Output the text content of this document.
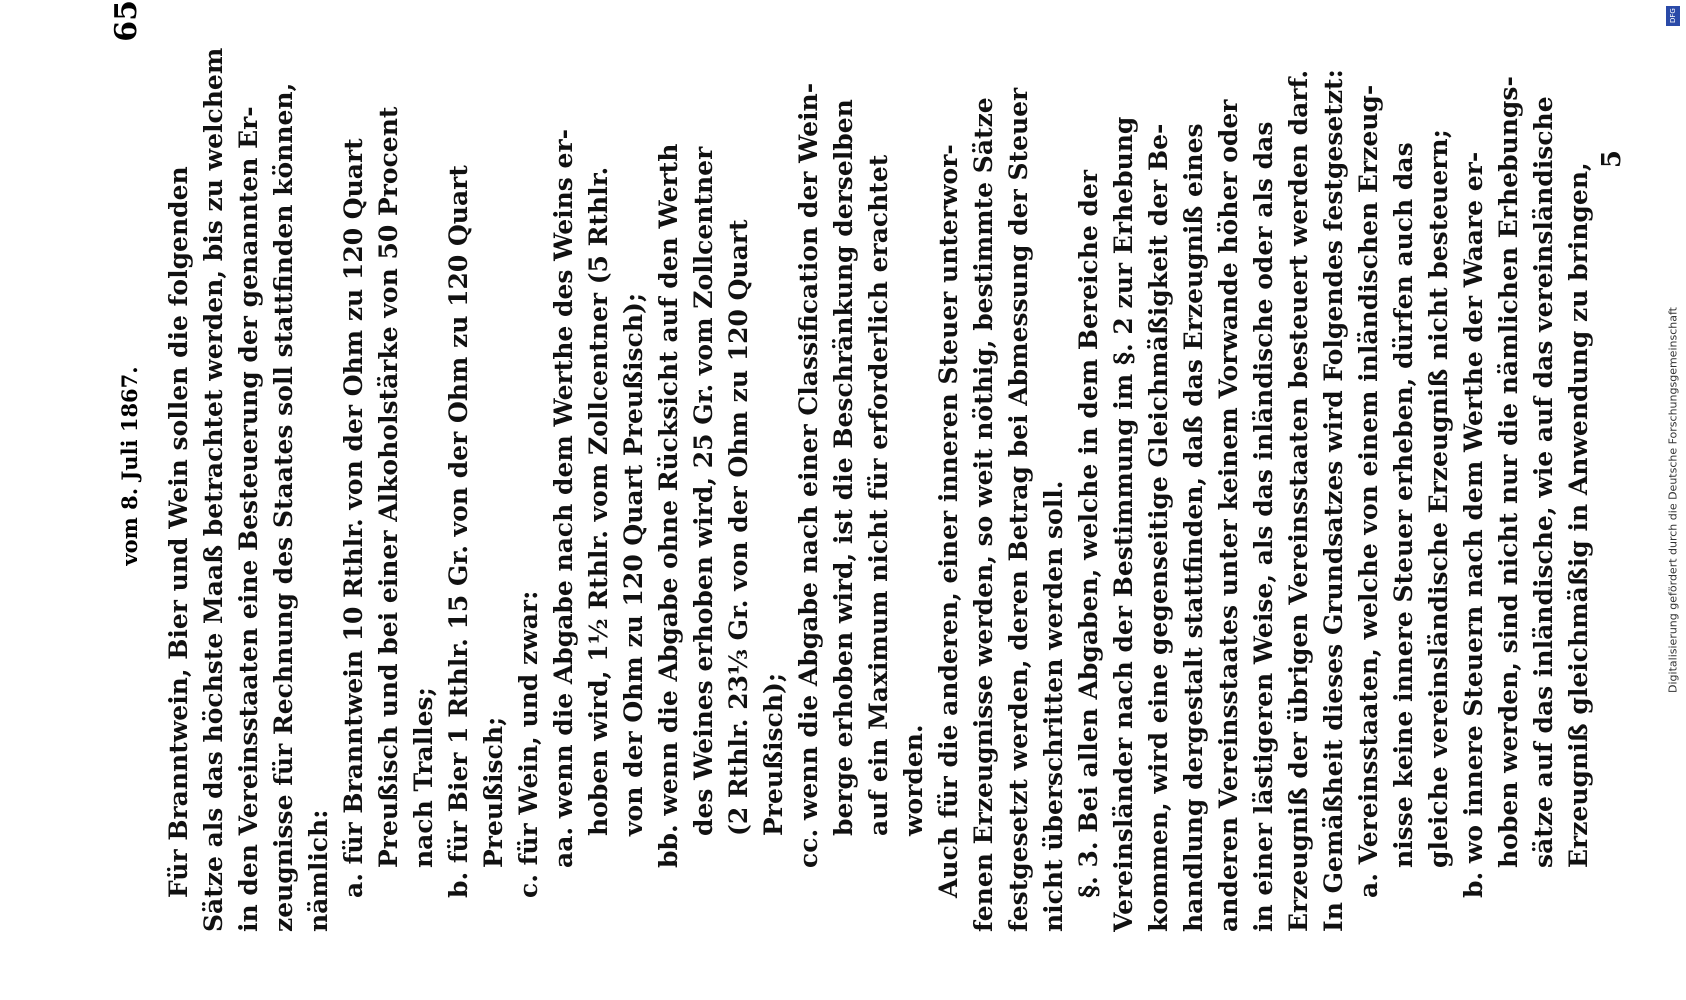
DFG
Digitalisierung gefördert durch die Deutsche Forschungsgemeinschaft
vom 8. Juli 1867.
65
Für Branntwein, Bier und Wein sollen die folgenden Sätze als das höchste Maaß betrachtet werden, bis zu welchem in den Vereinsstaaten eine Besteuerung der genannten Er- zeugnisse für Rechnung des Staates soll stattfinden können, nämlich: a. für Branntwein 10 Rthlr. von der Ohm zu 120 Quart Preußisch und bei einer Alkoholstärke von 50 Procent nach Tralles; b. für Bier 1 Rthlr. 15 Gr. von der Ohm zu 120 Quart Preußisch; c. für Wein, und zwar: aa. wenn die Abgabe nach dem Werthe des Weins er- hoben wird, 1½ Rthlr. vom Zollcentner (5 Rthlr. von der Ohm zu 120 Quart Preußisch); bb. wenn die Abgabe ohne Rücksicht auf den Werth des Weines erhoben wird, 25 Gr. vom Zollcentner (2 Rthlr. 23⅓ Gr. von der Ohm zu 120 Quart Preußisch); cc. wenn die Abgabe nach einer Classification der Wein- berge erhoben wird, ist die Beschränkung derselben auf ein Maximum nicht für erforderlich erachtet worden. Auch für die anderen, einer inneren Steuer unterwor- fenen Erzeugnisse werden, so weit nöthig, bestimmte Sätze festgesetzt werden, deren Betrag bei Abmessung der Steuer nicht überschritten werden soll. §. 3. Bei allen Abgaben, welche in dem Bereiche der Vereinsländer nach der Bestimmung im §. 2 zur Erhebung kommen, wird eine gegenseitige Gleichmäßigkeit der Be- handlung dergestalt stattfinden, daß das Erzeugniß eines anderen Vereinsstaates unter keinem Vorwande höher oder in einer lästigeren Weise, als das inländische oder als das Erzeugniß der übrigen Vereinsstaaten besteuert werden darf. In Gemäßheit dieses Grundsatzes wird Folgendes festgesetzt: a. Vereinsstaaten, welche von einem inländischen Erzeug- nisse keine innere Steuer erheben, dürfen auch das gleiche vereinsländische Erzeugniß nicht besteuern; b. wo innere Steuern nach dem Werthe der Waare er- hoben werden, sind nicht nur die nämlichen Erhebungs- sätze auf das inländische, wie auf das vereinsländische Erzeugniß gleichmäßig in Anwendung zu bringen,
5
